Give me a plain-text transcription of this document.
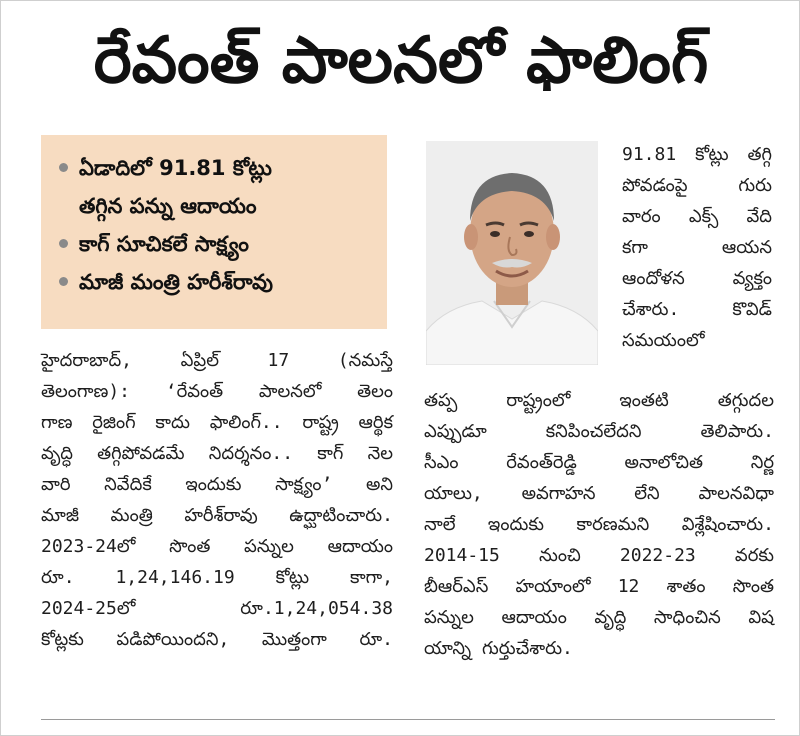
రేవంత్ పాలనలో ఫాలింగ్
ఏడాదిలో 91.81 కోట్లు
తగ్గిన పన్ను ఆదాయం
కాగ్ సూచికలే సాక్ష్యం
మాజీ మంత్రి హరీశ్‌రావు

91.81 కోట్లు తగ్గి
పోవడంపై గురు
వారం ఎక్స్ వేది
కగా ఆయన
ఆందోళన వ్యక్తం
చేశారు. కొవిడ్
సమయంలో

హైదరాబాద్, ఏప్రిల్ 17 (నమస్తే
తెలంగాణ): ‘రేవంత్ పాలనలో తెలం
గాణ రైజింగ్ కాదు ఫాలింగ్.. రాష్ట్ర ఆర్థిక
వృద్ధి తగ్గిపోవడమే నిదర్శనం.. కాగ్ నెల
వారి నివేదికే ఇందుకు సాక్ష్యం’ అని
మాజీ మంత్రి హరీశ్‌రావు ఉద్ఘాటించారు.
2023-24లో సొంత పన్నుల ఆదాయం
రూ. 1,24,146.19 కోట్లు కాగా,
2024-25లో రూ.1,24,054.38
కోట్లకు పడిపోయిందని, మొత్తంగా రూ.

తప్ప రాష్ట్రంలో ఇంతటి తగ్గుదల
ఎప్పుడూ కనిపించలేదని తెలిపారు.
సీఎం రేవంత్‌రెడ్డి అనాలోచిత నిర్ణ
యాలు, అవగాహన లేని పాలనవిధా
నాలే ఇందుకు కారణమని విశ్లేషించారు.
2014-15 నుంచి 2022-23 వరకు
బీఆర్‌ఎస్ హయాంలో 12 శాతం సొంత
పన్నుల ఆదాయం వృద్ధి సాధించిన విష
యాన్ని గుర్తుచేశారు.
